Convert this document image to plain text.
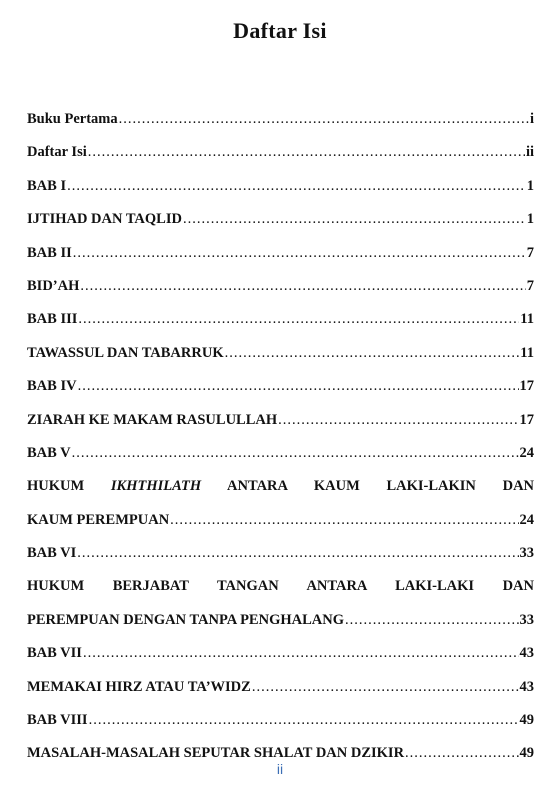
Daftar Isi
Buku Pertama .....	i
Daftar Isi .....	ii
BAB I .....	1
IJTIHAD DAN TAQLID .....	1
BAB II .....	7
BID’AH .....	7
BAB III .....	11
TAWASSUL DAN TABARRUK .....	11
BAB IV .....	17
ZIARAH KE MAKAM RASULULLAH .....	17
BAB V .....	24
HUKUM IKHTHILATH ANTARA KAUM LAKI-LAKIN DAN
KAUM PEREMPUAN .....	24
BAB VI .....	33
HUKUM BERJABAT TANGAN ANTARA LAKI-LAKI DAN
PEREMPUAN DENGAN TANPA PENGHALANG .....	33
BAB VII .....	43
MEMAKAI HIRZ ATAU TA’WIDZ .....	43
BAB VIII .....	49
MASALAH-MASALAH SEPUTAR SHALAT DAN DZIKIR .....	49
ii
